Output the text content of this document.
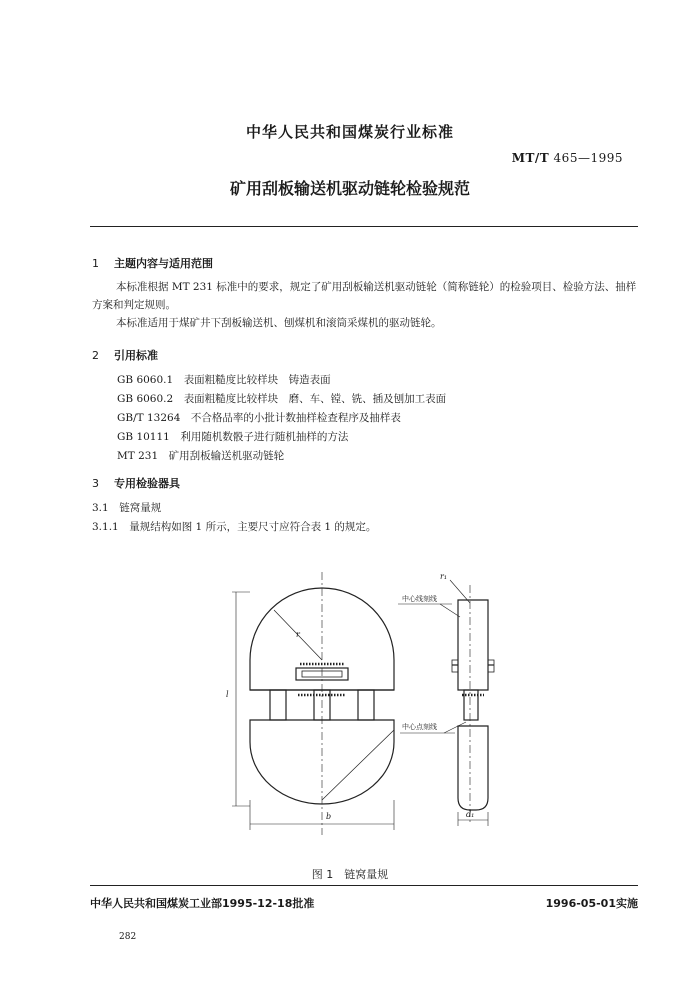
中华人民共和国煤炭行业标准
MT/T 465—1995
矿用刮板输送机驱动链轮检验规范
1 主题内容与适用范围

本标准根据 MT 231 标准中的要求，规定了矿用刮板输送机驱动链轮（简称链轮）的检验项目、检验方法、抽样方案和判定规则。

本标准适用于煤矿井下刮板输送机、刨煤机和滚筒采煤机的驱动链轮。

2 引用标准
GB 6060.1　 表面粗糙度比较样块　铸造表面
GB 6060.2　 表面粗糙度比较样块　磨、车、镗、铣、插及刨加工表面
GB/T 13264　 不合格品率的小批计数抽样检查程序及抽样表
GB 10111　 利用随机数骰子进行随机抽样的方法
MT 231　 矿用刮板输送机驱动链轮
3 专用检验器具
3.1　 链窝量规
3.1.1　 量规结构如图 1 所示，主要尺寸应符合表 1 的规定。
中心线刻线
中心点刻线
r
r₁
l
b	d₁
图 1　链窝量规
中华人民共和国煤炭工业部1995-12-18批准	1996-05-01实施
282
